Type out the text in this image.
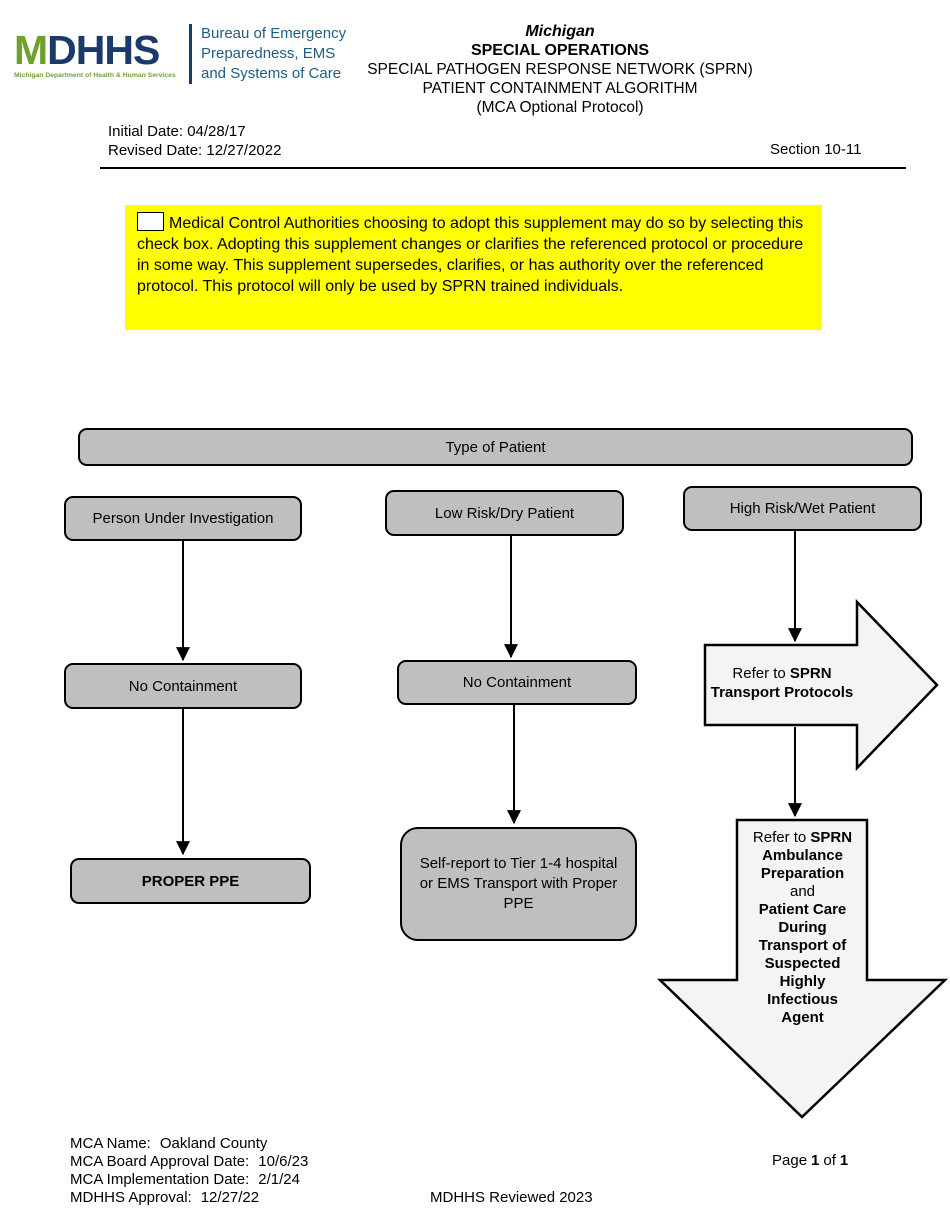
MDHHS
Michigan Department of Health & Human Services
Bureau of Emergency
Preparedness, EMS
and Systems of Care
Michigan
SPECIAL OPERATIONS
SPECIAL PATHOGEN RESPONSE NETWORK (SPRN)
PATIENT CONTAINMENT ALGORITHM
(MCA Optional Protocol)
Initial Date: 04/28/17
Revised Date: 12/27/2022	Section 10-11
Medical Control Authorities choosing to adopt this supplement may do so by selecting this check box. Adopting this supplement changes or clarifies the referenced protocol or procedure in some way. This supplement supersedes, clarifies, or has authority over the referenced protocol. This protocol will only be used by SPRN trained individuals.
Type of Patient
Person Under Investigation	Low Risk/Dry Patient	High Risk/Wet Patient
No Containment	No Containment
PROPER PPE
Self-report to Tier 1-4 hospital or EMS Transport with Proper PPE
Refer to SPRN
Transport Protocols
Refer to SPRN
Ambulance
Preparation
and
Patient Care
During
Transport of
Suspected
Highly
Infectious
Agent
MCA Name: Oakland County
MCA Board Approval Date: 10/6/23
MCA Implementation Date: 2/1/24
MDHHS Approval: 12/27/22	MDHHS Reviewed 2023
Page 1 of 1
